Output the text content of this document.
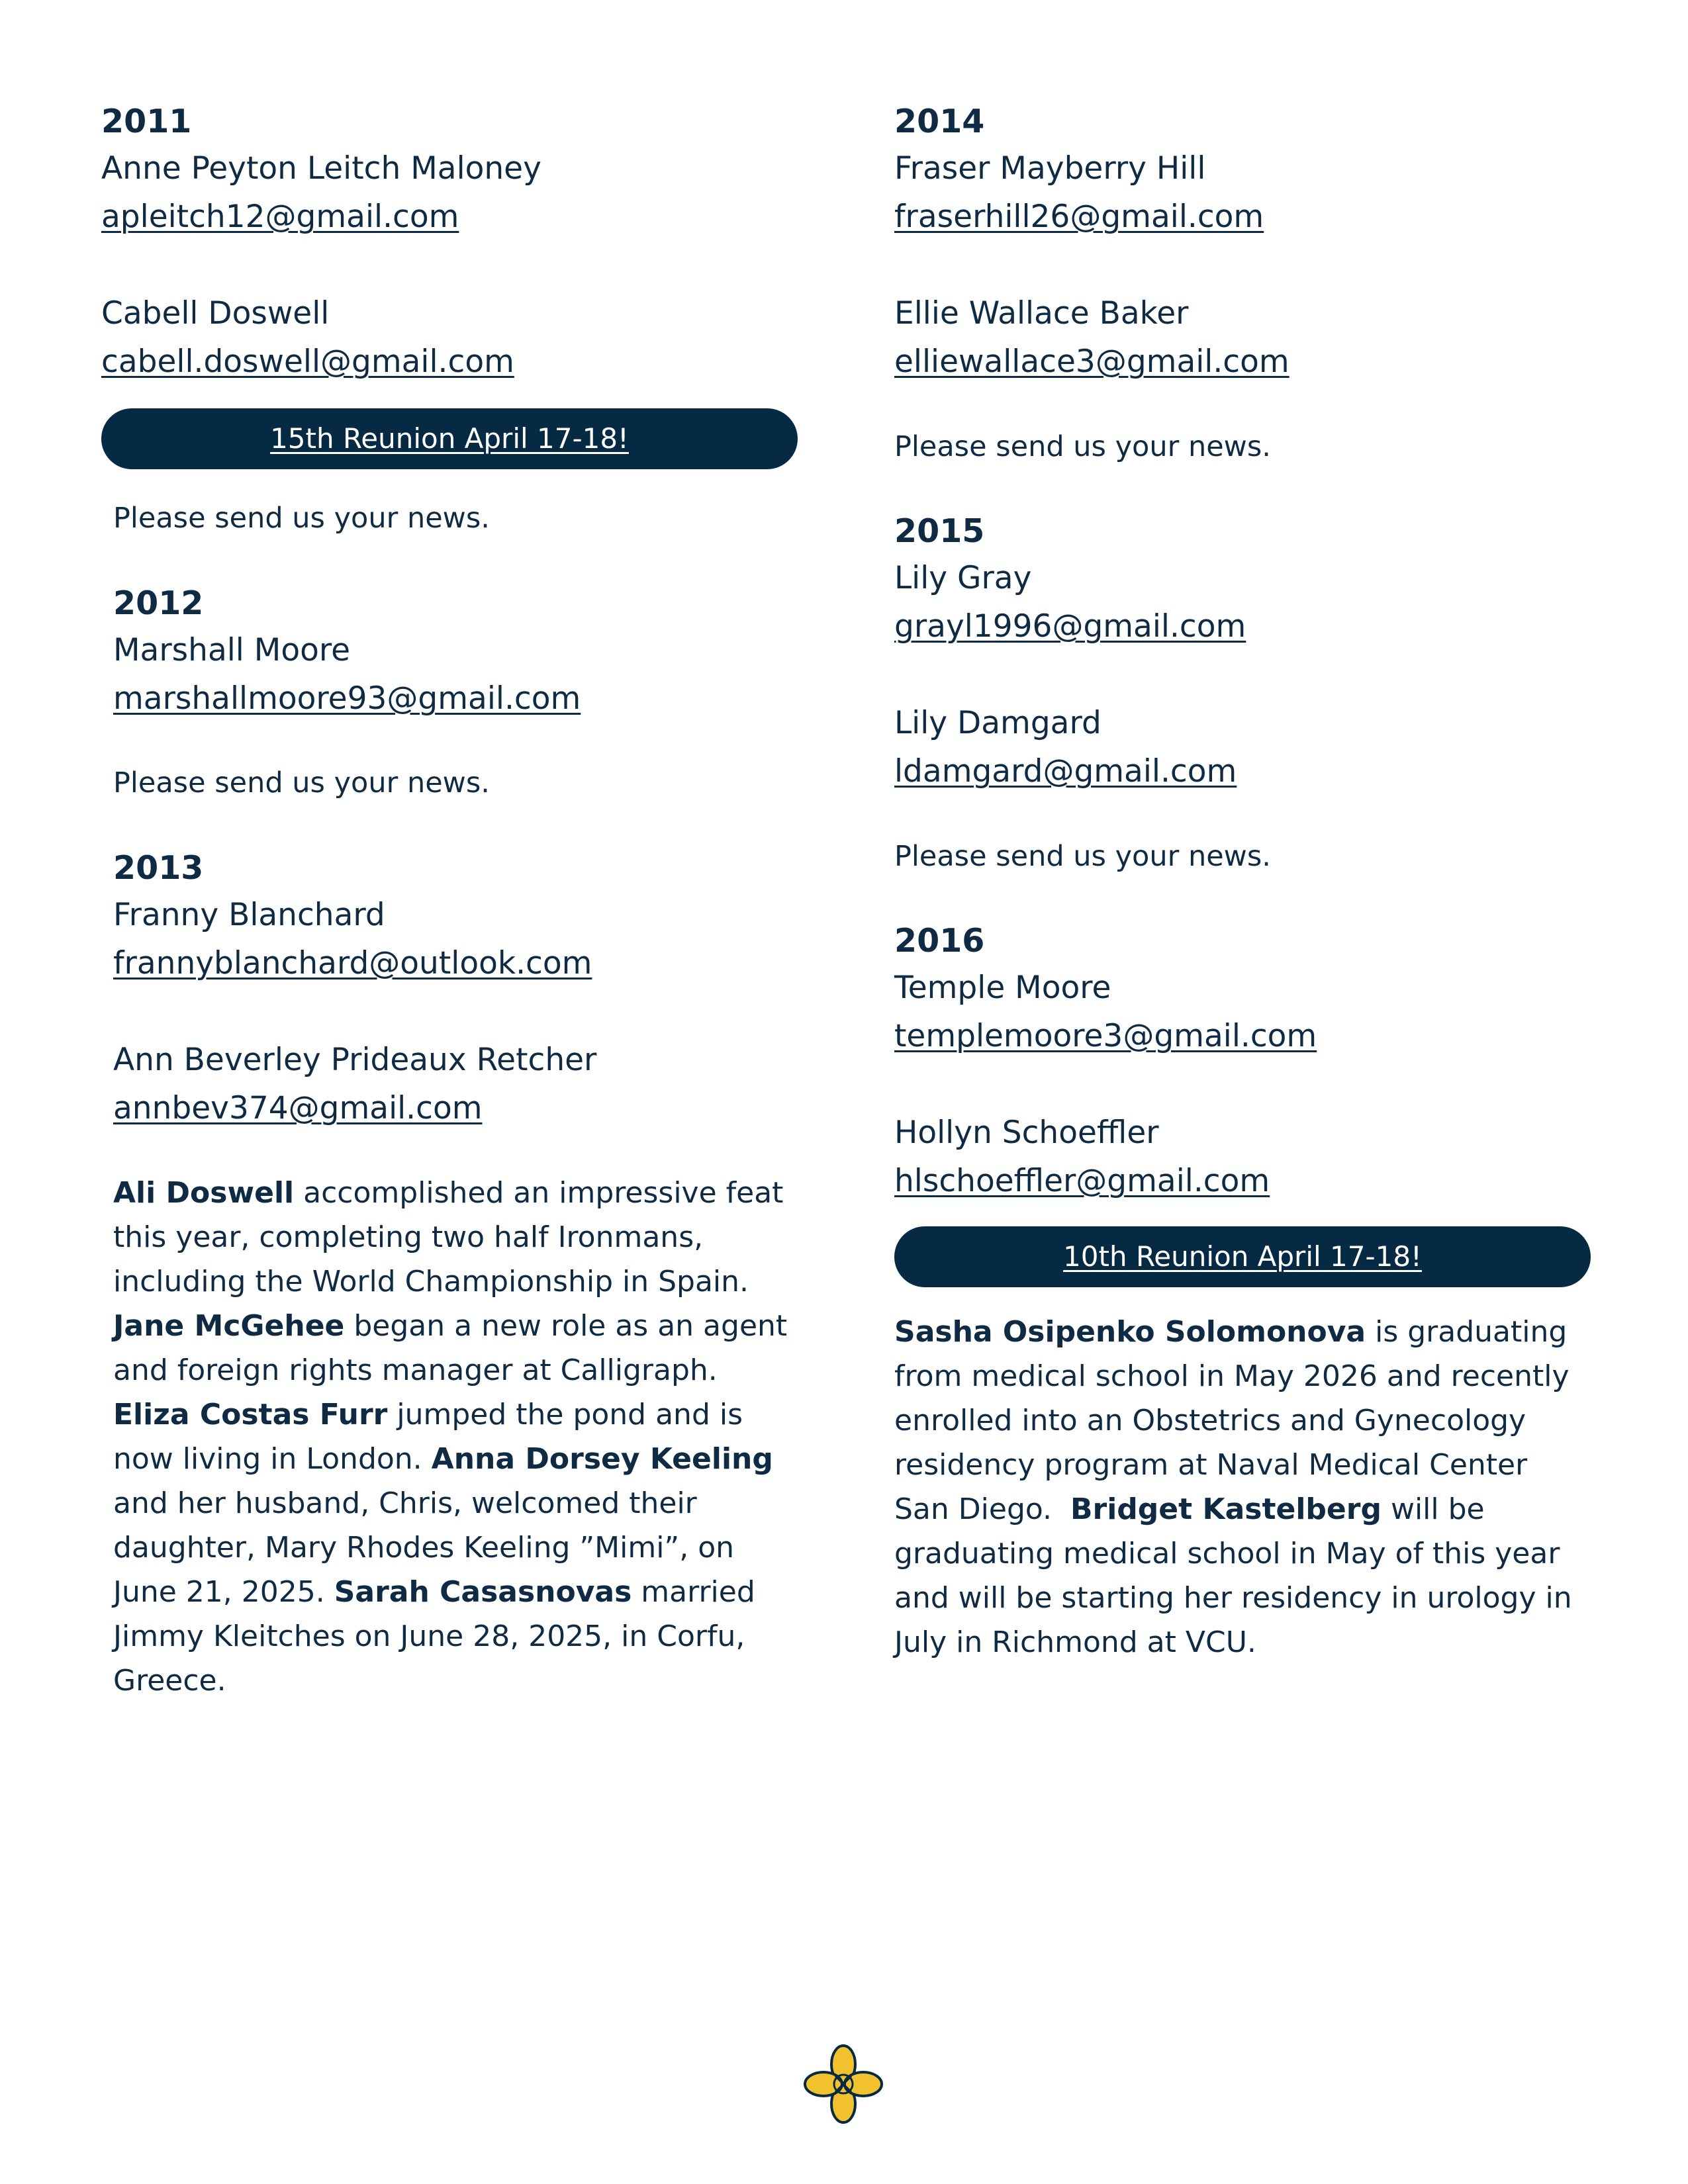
2011
Anne Peyton Leitch Maloney
apleitch12@gmail.com
Cabell Doswell
cabell.doswell@gmail.com
15th Reunion April 17-18!
Please send us your news.
2012
Marshall Moore
marshallmoore93@gmail.com
Please send us your news.
2013
Franny Blanchard
frannyblanchard@outlook.com
Ann Beverley Prideaux Retcher
annbev374@gmail.com

Ali Doswell accomplished an impressive feat this year, completing two half Ironmans, including the World Championship in Spain. Jane McGehee began a new role as an agent and foreign rights manager at Calligraph. Eliza Costas Furr jumped the pond and is now living in London. Anna Dorsey Keeling and her husband, Chris, welcomed their daughter, Mary Rhodes Keeling ”Mimi”, on June 21, 2025. Sarah Casasnovas married Jimmy Kleitches on June 28, 2025, in Corfu, Greece.

2014
Fraser Mayberry Hill
fraserhill26@gmail.com
Ellie Wallace Baker
elliewallace3@gmail.com
Please send us your news.
2015
Lily Gray
grayl1996@gmail.com
Lily Damgard
ldamgard@gmail.com
Please send us your news.
2016
Temple Moore
templemoore3@gmail.com
Hollyn Schoeffler
hlschoeffler@gmail.com
10th Reunion April 17-18!

Sasha Osipenko Solomonova is graduating from medical school in May 2026 and recently enrolled into an Obstetrics and Gynecology residency program at Naval Medical Center San Diego.  Bridget Kastelberg will be graduating medical school in May of this year and will be starting her residency in urology in July in Richmond at VCU.
